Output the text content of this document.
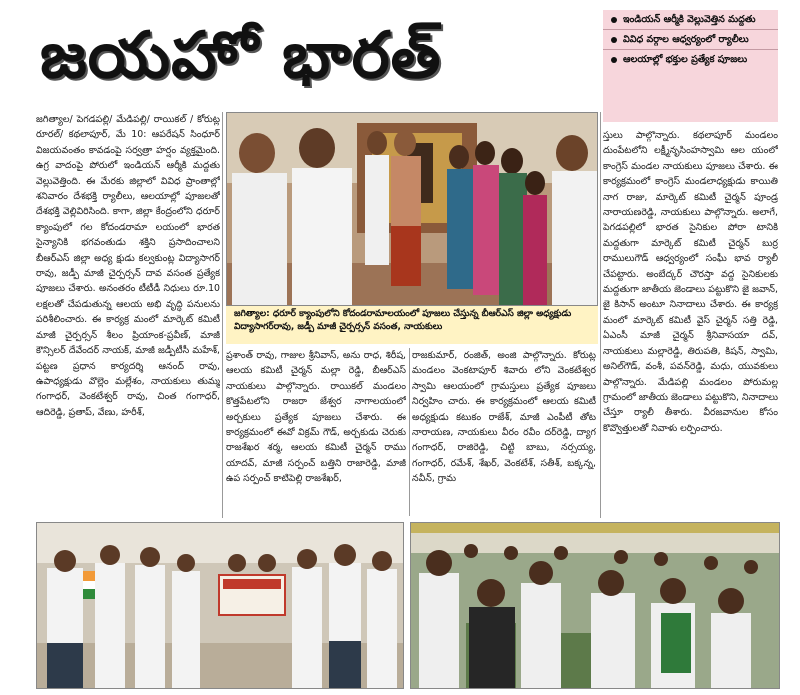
జయహో భారత్	ఇండియన్ ఆర్మీకి వెల్లువెత్తిన మద్దతు
వివిధ వర్గాల ఆధ్వర్యంలో ర్యాలీలు
ఆలయాల్లో భక్తుల ప్రత్యేక పూజలు

జగిత్యాల/ పెగడపల్లి/ మేడిపల్లి/ రాయికల్ / కోరుట్ల రూరల్/ కథలాపూర్, మే 10: ఆపరేషన్ సింధూర్ విజయవంతం కావడంపై సర్వత్రా హర్షం వ్యక్తమైంది. ఉగ్ర వాదంపై పోరులో ఇండియన్ ఆర్మీకి మద్దతు వెల్లువెత్తింది. ఈ మేరకు జిల్లాలో వివిధ ప్రాంతాల్లో శనివారం దేశభక్తి ర్యాలీలు, ఆలయాల్లో పూజలతో దేశభక్తి వెల్లివిరిసింది. కాగా, జిల్లా కేంద్రంలోని ధరూర్ క్యాంపులో గల కోదండరామా లయంలో భారత సైన్యానికి భగవంతుడు శక్తిని ప్రసాదించాలని బీఆర్ఎస్ జిల్లా అధ్య క్షుడు కల్వకుంట్ల విద్యాసాగర్ రావు, జడ్పీ మాజీ చైర్పర్సన్ దావ వసంత ప్రత్యేక పూజలు చేశారు. అనంతరం టీటీడీ నిధులు రూ.10 లక్షలతో చేపడుతున్న ఆలయ అభి వృద్ధి పనులను పరిశీలించారు. ఈ కార్యక్ర మంలో మార్కెట్ కమిటీ మాజీ చైర్పర్సన్ శీలం ప్రియాంక-ప్రవీణ్, మాజీ కౌన్సిలర్ దేవేందర్ నాయక్, మాజీ జడ్పీటీసీ మహేశ్, పట్టణ ప్రధాన కార్యదర్శి ఆనంద్ రావు, ఉపాధ్యక్షుడు వొల్లెం మల్లేశం, నాయకులు తుమ్మ గంగాధర్, వెంకటేశ్వర్ రావు, చింత గంగాధర్, ఆదిరెడ్డి, ప్రతాప్, వేణు, హరీశ్,

జగిత్యాల: ధరూర్ క్యాంపులోని కోదండరామాలయంలో పూజలు చేస్తున్న బీఆర్ఎస్ జిల్లా అధ్యక్షుడు విద్యాసాగర్‌రావు, జడ్పీ మాజీ చైర్పర్సన్ వసంత, నాయకులు

ప్రశాంత్ రావు, గాజుల శ్రీనివాస్, అను రాధ, శిరీష, ఆలయ కమిటీ చైర్మన్ మల్లా రెడ్డి, బీఆర్ఎస్ నాయకులు పాల్గొన్నారు. రాయికల్ మండలం కొత్తపేటలోని రాజరా జేశ్వర నాగాలయంలో అర్చకులు ప్రత్యేక పూజలు చేశారు. ఈ కార్యక్రమంలో ఈవో విక్రమ్ గౌడ్, అర్చకుడు చెరుకు రాజశేఖర శర్మ, ఆలయ కమిటీ చైర్మన్ రాము యాదవ్, మాజీ సర్పంచ్ బత్తిని రాజారెడ్డి, మాజీ ఉప సర్పంచ్ కాటిపెల్లి రాజశేఖర్,

రాజకుమార్, రంజిత్, అంజి పాల్గొన్నారు. కోరుట్ల మండలం వెంకటాపూర్ శివారు లోని వెంకటేశ్వర స్వామి ఆలయంలో గ్రామస్తులు ప్రత్యేక పూజలు నిర్వహిం చారు. ఈ కార్యక్రమంలో ఆలయ కమిటీ అధ్యక్షుడు కటుకం రాజేశ్, మాజీ ఎంపీటీ తోట నారాయణ, నాయకులు వీరం రవీం దర్‌రెడ్డి, ద్యాగ గంగాధర్, రాజిరెడ్డి, చిట్టి బాబు, నర్సయ్య, గంగాధర్, రమేశ్, శేఖర్, వెంకటేశ్, సతీశ్, బక్కన్న, నవీన్, గ్రామ

స్తులు పాల్గొన్నారు. కథలాపూర్ మండలం దుంపేటలోని లక్ష్మీనృసింహస్వామి ఆల యంలో కాంగ్రెస్ మండల నాయకులు పూజలు చేశారు. ఈ కార్యక్రమంలో కాంగ్రెస్ మండలాధ్యక్షుడు కాయితి నాగ రాజు, మార్కెట్ కమిటీ చైర్మన్ పూండ్ర నారాయణరెడ్డి, నాయకులు పాల్గొన్నారు. అలాగే, పెగడపల్లిలో భారత సైనికుల పోరా టానికి మద్దతుగా మార్కెట్ కమిటీ చైర్మన్ బుర్ర రాములుగౌడ్ ఆధ్వర్యంలో సంఘీ భావ ర్యాలీ చేపట్టారు. అంబేద్కర్ చౌరస్తా వద్ద సైనికులకు మద్దతుగా జాతీయ జెండాలు పట్టుకొని జై జవాన్, జై కిసాన్ అంటూ నినాదాలు చేశారు. ఈ కార్యక్ర మంలో మార్కెట్ కమిటీ వైస్ చైర్మన్ సత్తి రెడ్డి, ఏఎంసీ మాజీ చైర్మన్ శ్రీనివాసయా దవ్, నాయకులు మల్లారెడ్డి, తిరుపతి, కిషన్, స్వామి, అనిల్‌గౌడ్, వంశీ, పవన్‌రెడ్డి, మధు, యువకులు పాల్గొన్నారు. మేడిపల్లి మండలం పోరుమల్ల గ్రామంలో జాతీయ జెండాలు పట్టుకొని, నినాదాలు చేస్తూ ర్యాలీ తీశారు. వీరజవానుల కోసం కొవ్వొత్తులతో నివాళు లర్పించారు.
